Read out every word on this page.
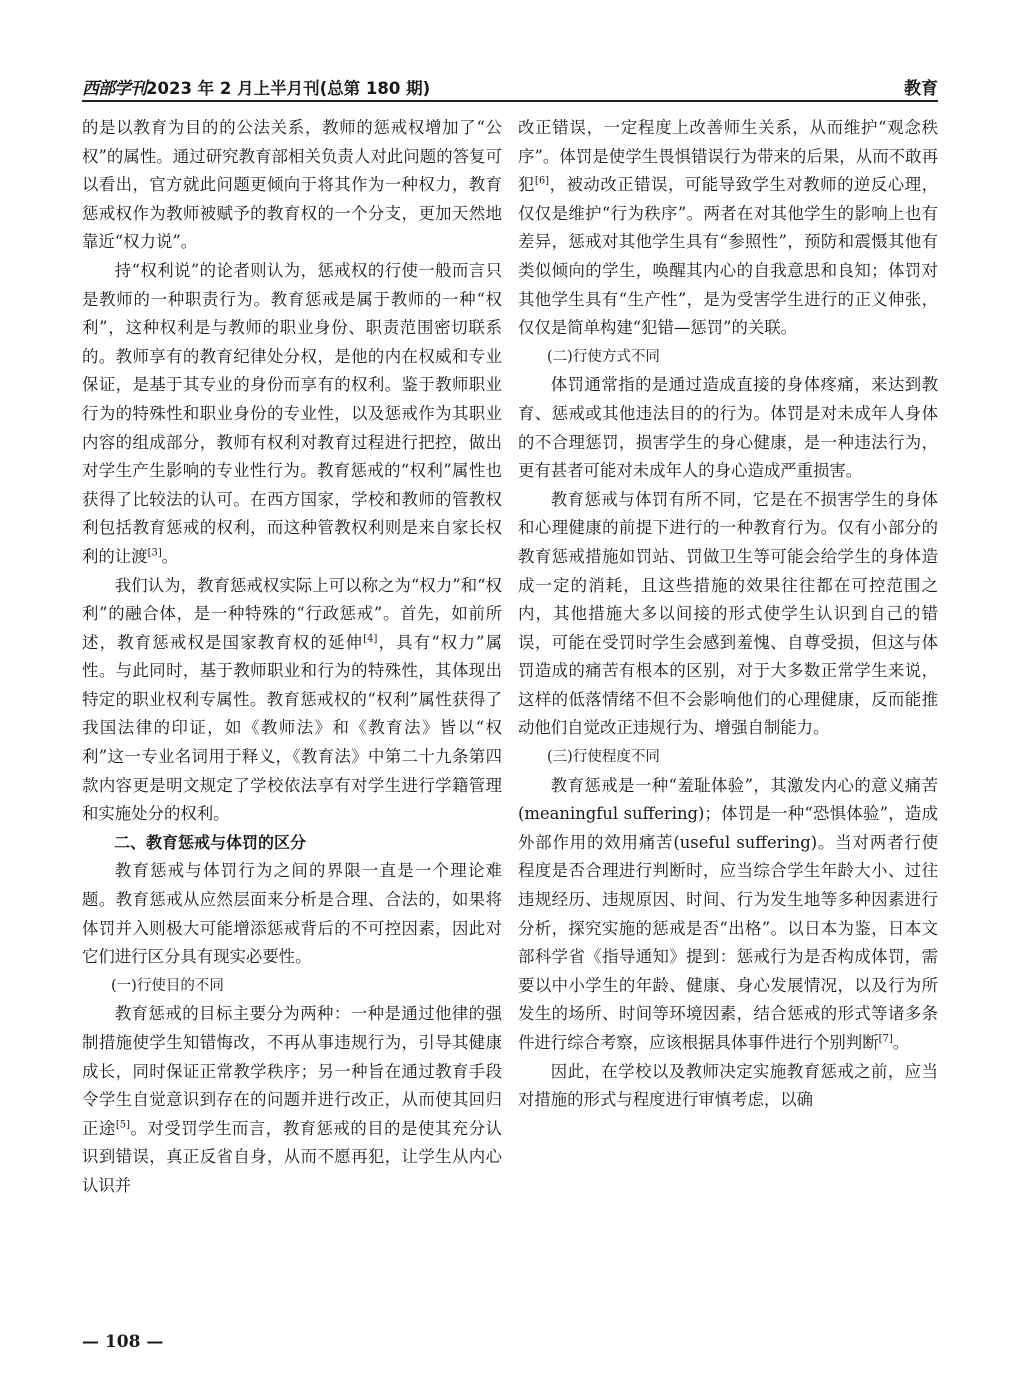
西部学刊2023 年 2 月上半月刊(总第 180 期)	教育

的是以教育为目的的公法关系，教师的惩戒权增加了“公权”的属性。通过研究教育部相关负责人对此问题的答复可以看出，官方就此问题更倾向于将其作为一种权力，教育惩戒权作为教师被赋予的教育权的一个分支，更加天然地靠近“权力说”。

持“权利说”的论者则认为，惩戒权的行使一般而言只是教师的一种职责行为。教育惩戒是属于教师的一种“权利”，这种权利是与教师的职业身份、职责范围密切联系的。教师享有的教育纪律处分权，是他的内在权威和专业保证，是基于其专业的身份而享有的权利。鉴于教师职业行为的特殊性和职业身份的专业性，以及惩戒作为其职业内容的组成部分，教师有权利对教育过程进行把控，做出对学生产生影响的专业性行为。教育惩戒的“权利”属性也获得了比较法的认可。在西方国家，学校和教师的管教权利包括教育惩戒的权利，而这种管教权利则是来自家长权利的让渡[3]。

我们认为，教育惩戒权实际上可以称之为“权力”和“权利”的融合体，是一种特殊的“行政惩戒”。首先，如前所述，教育惩戒权是国家教育权的延伸[4]，具有“权力”属性。与此同时，基于教师职业和行为的特殊性，其体现出特定的职业权利专属性。教育惩戒权的“权利”属性获得了我国法律的印证，如《教师法》和《教育法》皆以“权利”这一专业名词用于释义，《教育法》中第二十九条第四款内容更是明文规定了学校依法享有对学生进行学籍管理和实施处分的权利。

二、教育惩戒与体罚的区分

教育惩戒与体罚行为之间的界限一直是一个理论难题。教育惩戒从应然层面来分析是合理、合法的，如果将体罚并入则极大可能增添惩戒背后的不可控因素，因此对它们进行区分具有现实必要性。

(一)行使目的不同

教育惩戒的目标主要分为两种：一种是通过他律的强制措施使学生知错悔改，不再从事违规行为，引导其健康成长，同时保证正常教学秩序；另一种旨在通过教育手段令学生自觉意识到存在的问题并进行改正，从而使其回归正途[5]。对受罚学生而言，教育惩戒的目的是使其充分认识到错误，真正反省自身，从而不愿再犯，让学生从内心认识并

改正错误，一定程度上改善师生关系，从而维护“观念秩序”。体罚是使学生畏惧错误行为带来的后果，从而不敢再犯[6]，被动改正错误，可能导致学生对教师的逆反心理，仅仅是维护“行为秩序”。两者在对其他学生的影响上也有差异，惩戒对其他学生具有“参照性”，预防和震慑其他有类似倾向的学生，唤醒其内心的自我意思和良知；体罚对其他学生具有“生产性”，是为受害学生进行的正义伸张，仅仅是简单构建“犯错—惩罚”的关联。

(二)行使方式不同

体罚通常指的是通过造成直接的身体疼痛，来达到教育、惩戒或其他违法目的的行为。体罚是对未成年人身体的不合理惩罚，损害学生的身心健康，是一种违法行为，更有甚者可能对未成年人的身心造成严重损害。

教育惩戒与体罚有所不同，它是在不损害学生的身体和心理健康的前提下进行的一种教育行为。仅有小部分的教育惩戒措施如罚站、罚做卫生等可能会给学生的身体造成一定的消耗，且这些措施的效果往往都在可控范围之内，其他措施大多以间接的形式使学生认识到自己的错误，可能在受罚时学生会感到羞愧、自尊受损，但这与体罚造成的痛苦有根本的区别，对于大多数正常学生来说，这样的低落情绪不但不会影响他们的心理健康，反而能推动他们自觉改正违规行为、增强自制能力。

(三)行使程度不同

教育惩戒是一种“羞耻体验”，其激发内心的意义痛苦(meaningful suffering)；体罚是一种“恐惧体验”，造成外部作用的效用痛苦(useful suffering)。当对两者行使程度是否合理进行判断时，应当综合学生年龄大小、过往违规经历、违规原因、时间、行为发生地等多种因素进行分析，探究实施的惩戒是否“出格”。以日本为鉴，日本文部科学省《指导通知》提到：惩戒行为是否构成体罚，需要以中小学生的年龄、健康、身心发展情况，以及行为所发生的场所、时间等环境因素，结合惩戒的形式等诸多条件进行综合考察，应该根据具体事件进行个别判断[7]。

因此，在学校以及教师决定实施教育惩戒之前，应当对措施的形式与程度进行审慎考虑，以确

— 108 —
